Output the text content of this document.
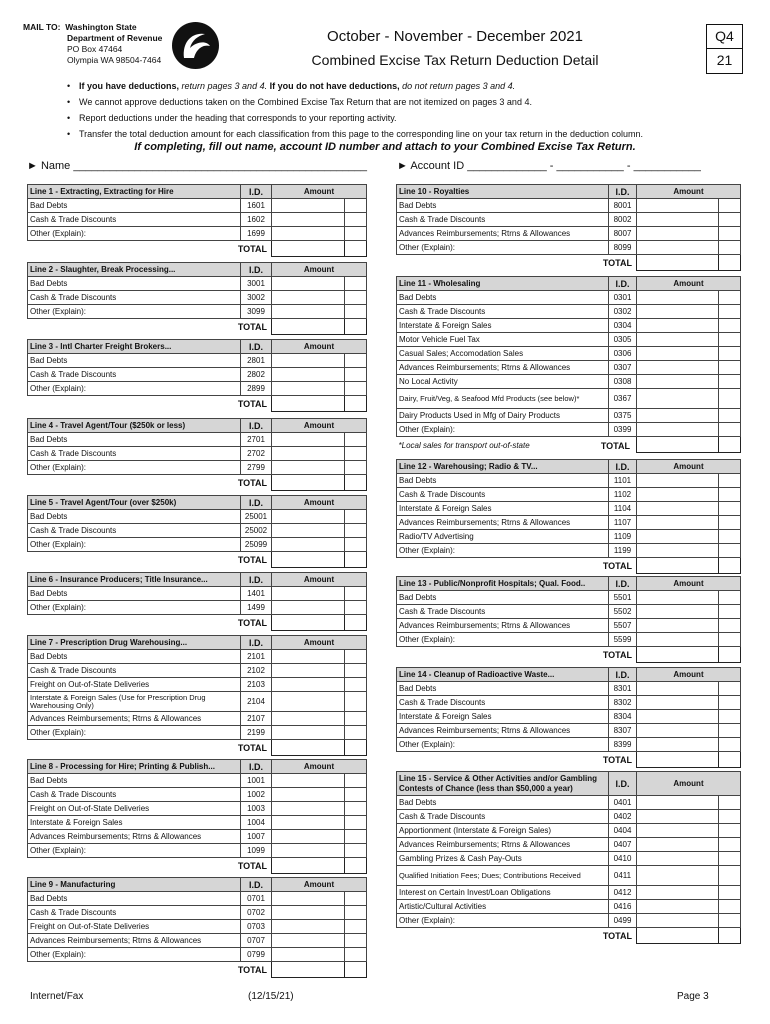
MAIL TO: Washington State
Department of Revenue
PO Box 47464
Olympia WA 98504-7464
October - November - December 2021
Combined Excise Tax Return Deduction Detail
Q4
21
• If you have deductions, return pages 3 and 4. If you do not have deductions, do not return pages 3 and 4.
• We cannot approve deductions taken on the Combined Excise Tax Return that are not itemized on pages 3 and 4.
• Report deductions under the heading that corresponds to your reporting activity.
• Transfer the total deduction amount for each classification from this page to the corresponding line on your tax return in the deduction column.
If completing, fill out name, account ID number and attach to your Combined Excise Tax Return.
► Name ________________________________________________	► Account ID _____________ - ___________ - ___________
Internet/Fax	(12/15/21)	Page 3
Line 1 - Extracting, Extracting for Hire	I.D.	Amount	
Bad Debts	1601		
Cash & Trade Discounts	1602		
Other (Explain):	1699		
TOTAL			
Line 2 - Slaughter, Break Processing...	I.D.	Amount	
Bad Debts	3001		
Cash & Trade Discounts	3002		
Other (Explain):	3099		
TOTAL			
Line 3 - Intl Charter Freight Brokers...	I.D.	Amount	
Bad Debts	2801		
Cash & Trade Discounts	2802		
Other (Explain):	2899		
TOTAL			
Line 4 - Travel Agent/Tour ($250k or less)	I.D.	Amount	
Bad Debts	2701		
Cash & Trade Discounts	2702		
Other (Explain):	2799		
TOTAL			
Line 5 - Travel Agent/Tour (over $250k)	I.D.	Amount	
Bad Debts	25001		
Cash & Trade Discounts	25002		
Other (Explain):	25099		
TOTAL			
Line 6 - Insurance Producers; Title Insurance...	I.D.	Amount	
Bad Debts	1401		
Other (Explain):	1499		
TOTAL			
Line 7 - Prescription Drug Warehousing...	I.D.	Amount	
Bad Debts	2101		
Cash & Trade Discounts	2102		
Freight on Out-of-State Deliveries	2103		
Interstate & Foreign Sales (Use for Prescription Drug Warehousing Only)	2104		
Advances Reimbursements; Rtrns & Allowances	2107		
Other (Explain):	2199		
TOTAL			
Line 8 - Processing for Hire; Printing & Publish...	I.D.	Amount	
Bad Debts	1001		
Cash & Trade Discounts	1002		
Freight on Out-of-State Deliveries	1003		
Interstate & Foreign Sales	1004		
Advances Reimbursements; Rtrns & Allowances	1007		
Other (Explain):	1099		
TOTAL			
Line 9 - Manufacturing	I.D.	Amount	
Bad Debts	0701		
Cash & Trade Discounts	0702		
Freight on Out-of-State Deliveries	0703		
Advances Reimbursements; Rtrns & Allowances	0707		
Other (Explain):	0799		
TOTAL			
Line 10 - Royalties	I.D.	Amount	
Bad Debts	8001		
Cash & Trade Discounts	8002		
Advances Reimbursements; Rtrns & Allowances	8007		
Other (Explain):	8099		
TOTAL			
Line 11 - Wholesaling	I.D.	Amount	
Bad Debts	0301		
Cash & Trade Discounts	0302		
Interstate & Foreign Sales	0304		
Motor Vehicle Fuel Tax	0305		
Casual Sales; Accomodation Sales	0306		
Advances Reimbursements; Rtrns & Allowances	0307		
No Local Activity	0308		
Dairy, Fruit/Veg, & Seafood Mfd Products (see below)*	0367		
Dairy Products Used in Mfg of Dairy Products	0375		
Other (Explain):	0399		
*Local sales for transport out-of-state TOTAL			

Line 12 - Warehousing; Radio & TV...	I.D.	Amount	
Bad Debts	1101		
Cash & Trade Discounts	1102		
Interstate & Foreign Sales	1104		
Advances Reimbursements; Rtrns & Allowances	1107		
Radio/TV Advertising	1109		
Other (Explain):	1199		
TOTAL			
Line 13 - Public/Nonprofit Hospitals; Qual. Food..	I.D.	Amount	
Bad Debts	5501		
Cash & Trade Discounts	5502		
Advances Reimbursements; Rtrns & Allowances	5507		
Other (Explain):	5599		
TOTAL			
Line 14 - Cleanup of Radioactive Waste...	I.D.	Amount	
Bad Debts	8301		
Cash & Trade Discounts	8302		
Interstate & Foreign Sales	8304		
Advances Reimbursements; Rtrns & Allowances	8307		
Other (Explain):	8399		
TOTAL			
Line 15 - Service & Other Activities and/or Gambling Contests of Chance (less than $50,000 a year)	I.D.	Amount	
Bad Debts	0401		
Cash & Trade Discounts	0402		
Apportionment (Interstate & Foreign Sales)	0404		
Advances Reimbursements; Rtrns & Allowances	0407		
Gambling Prizes & Cash Pay-Outs	0410		
Qualified Initiation Fees; Dues; Contributions Received	0411		
Interest on Certain Invest/Loan Obligations	0412		
Artistic/Cultural Activities	0416		
Other (Explain):	0499		
TOTAL			
